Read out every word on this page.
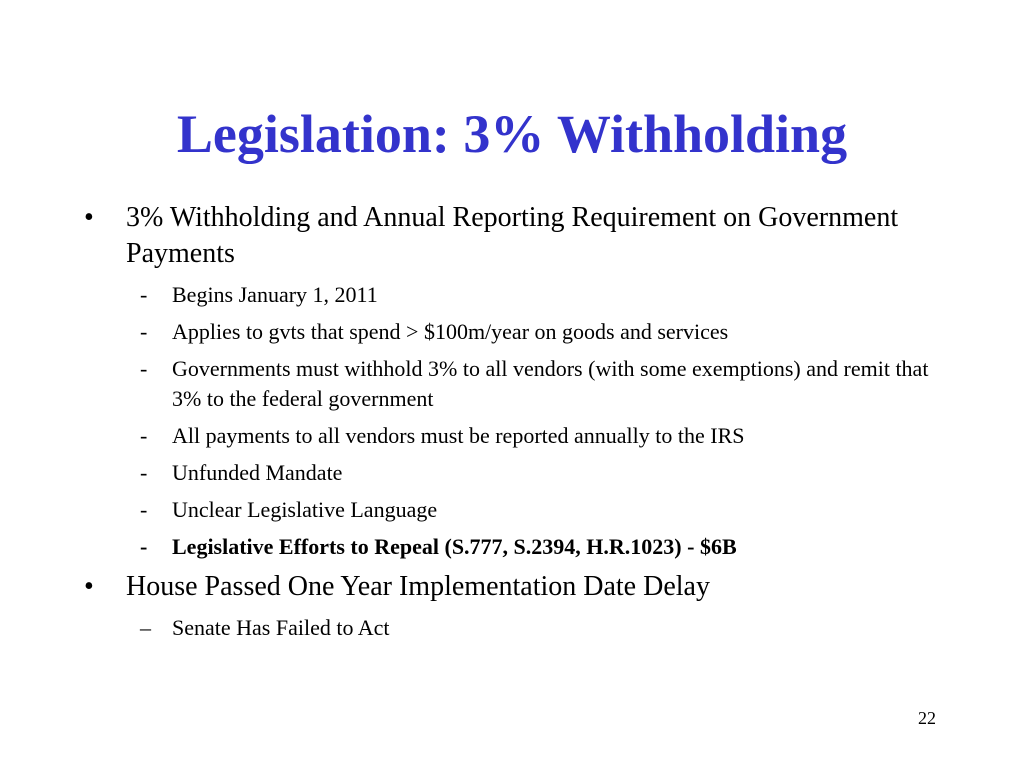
Legislation: 3% Withholding
•	3% Withholding and Annual Reporting Requirement on Government Payments
- Begins January 1, 2011
- Applies to gvts that spend > $100m/year on goods and services
- Governments must withhold 3% to all vendors (with some exemptions) and remit that 3% to the federal government
- All payments to all vendors must be reported annually to the IRS
- Unfunded Mandate
- Unclear Legislative Language
- Legislative Efforts to Repeal (S.777, S.2394, H.R.1023) - $6B
•	House Passed One Year Implementation Date Delay
– Senate Has Failed to Act
22
